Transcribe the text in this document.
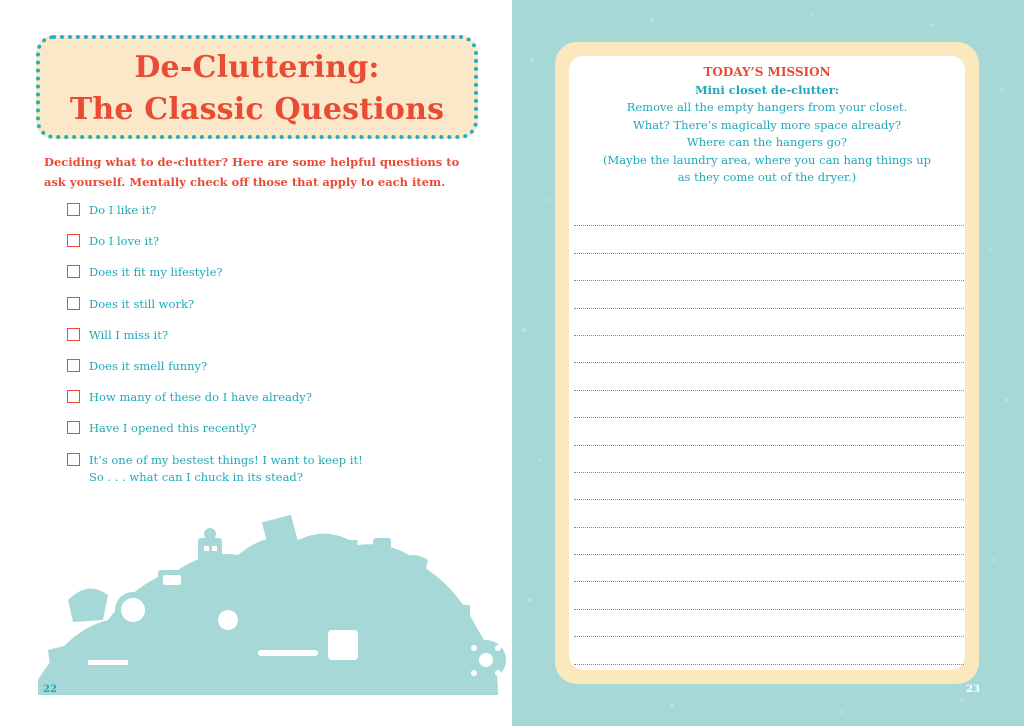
De-Cluttering:
The Classic Questions
Deciding what to de-clutter? Here are some helpful questions to ask yourself. Mentally check off those that apply to each item.
Do I like it?
Do I love it?
Does it fit my lifestyle?
Does it still work?
Will I miss it?
Does it smell funny?
How many of these do I have already?
Have I opened this recently?
It’s one of my bestest things! I want to keep it!
So . . . what can I chuck in its stead?
22
TODAY’S MISSION
Mini closet de-clutter:
Remove all the empty hangers from your closet.
What? There’s magically more space already?
Where can the hangers go?
(Maybe the laundry area, where you can hang things up
as they come out of the dryer.)
23
